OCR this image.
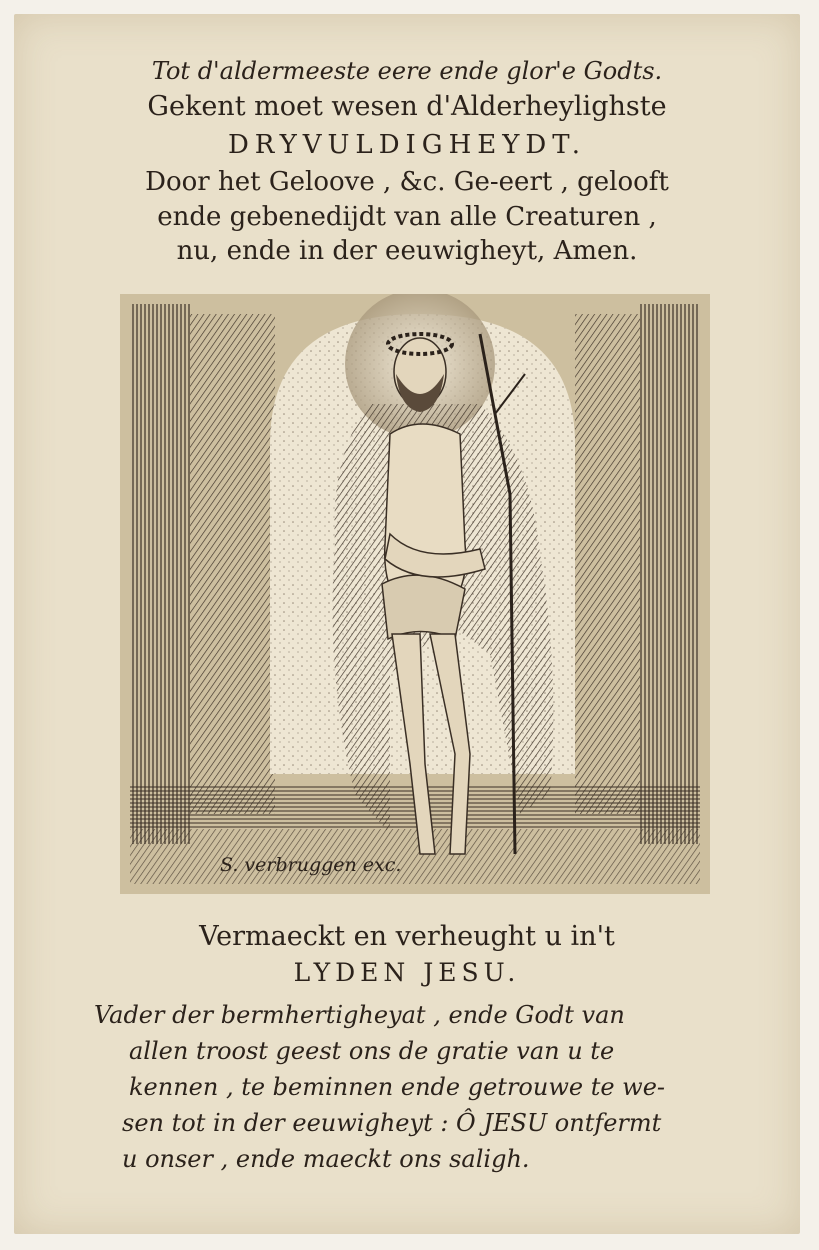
Tot d'aldermeeste eere ende glor'e Godts.
Gekent moet wesen d'Alderheylighste
DRYVULDIGHEYDT.
Door het Geloove , &c. Ge-eert , gelooft
ende gebenedijdt van alle Creaturen ,
nu, ende in der eeuwigheyt, Amen.
S. verbruggen exc.
Vermaeckt en verheught u in't
LYDEN JESU.
Vader der bermhertigheyat , ende Godt van
allen troost geest ons de gratie van u te
kennen , te beminnen ende getrouwe te we-
sen tot in der eeuwigheyt : Ô JESU ontfermt
u onser , ende maeckt ons saligh.
